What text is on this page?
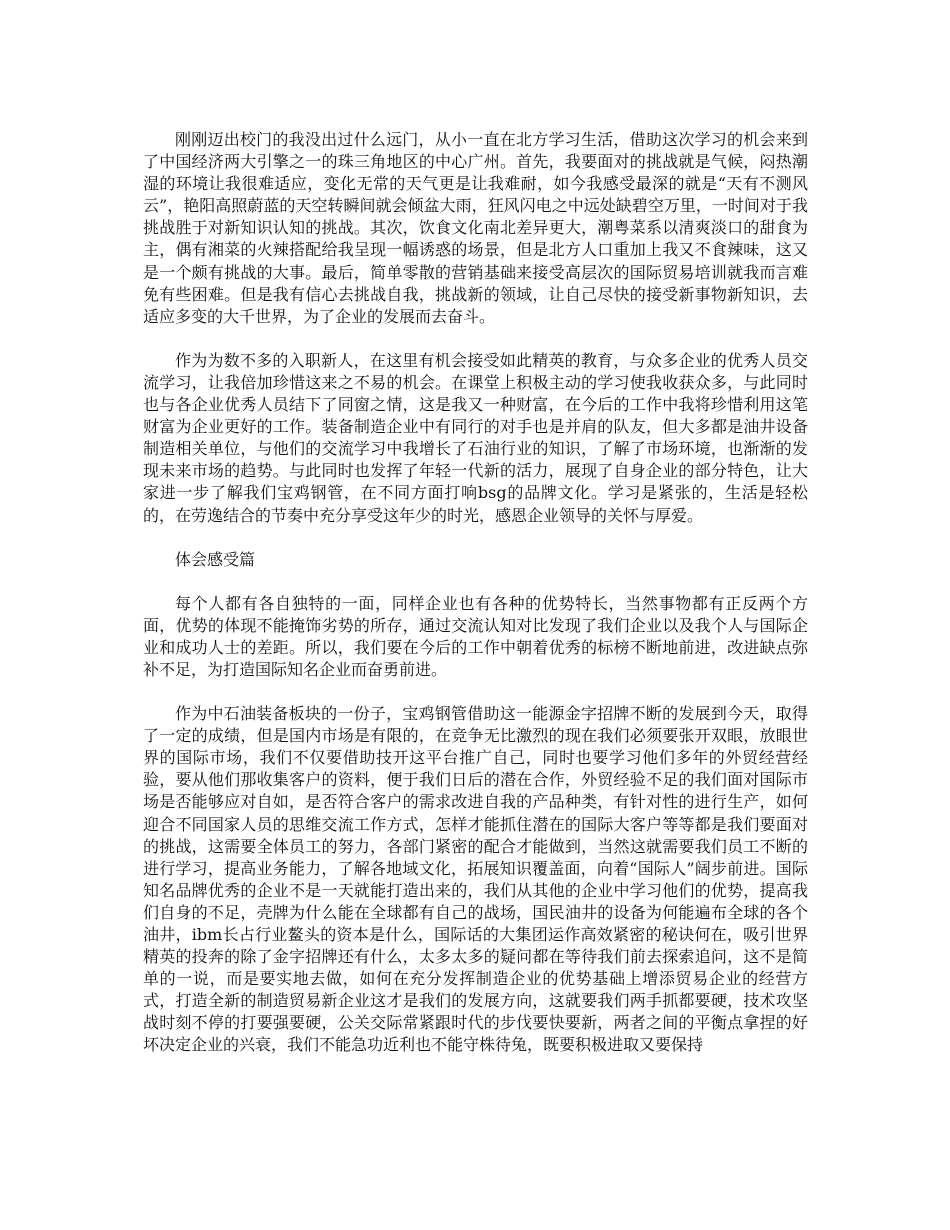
刚刚迈出校门的我没出过什么远门，从小一直在北方学习生活，借助这次学习的机会来到了中国经济两大引擎之一的珠三角地区的中心广州。首先，我要面对的挑战就是气候，闷热潮湿的环境让我很难适应，变化无常的天气更是让我难耐，如今我感受最深的就是“天有不测风云”，艳阳高照蔚蓝的天空转瞬间就会倾盆大雨，狂风闪电之中远处缺碧空万里，一时间对于我挑战胜于对新知识认知的挑战。其次，饮食文化南北差异更大，潮粤菜系以清爽淡口的甜食为主，偶有湘菜的火辣搭配给我呈现一幅诱惑的场景，但是北方人口重加上我又不食辣味，这又是一个颇有挑战的大事。最后，简单零散的营销基础来接受高层次的国际贸易培训就我而言难免有些困难。但是我有信心去挑战自我，挑战新的领域，让自己尽快的接受新事物新知识，去适应多变的大千世界，为了企业的发展而去奋斗。

作为为数不多的入职新人，在这里有机会接受如此精英的教育，与众多企业的优秀人员交流学习，让我倍加珍惜这来之不易的机会。在课堂上积极主动的学习使我收获众多，与此同时也与各企业优秀人员结下了同窗之情，这是我又一种财富，在今后的工作中我将珍惜利用这笔财富为企业更好的工作。装备制造企业中有同行的对手也是并肩的队友，但大多都是油井设备制造相关单位，与他们的交流学习中我增长了石油行业的知识，了解了市场环境，也渐渐的发现未来市场的趋势。与此同时也发挥了年轻一代新的活力，展现了自身企业的部分特色，让大家进一步了解我们宝鸡钢管，在不同方面打响bsg的品牌文化。学习是紧张的，生活是轻松的，在劳逸结合的节奏中充分享受这年少的时光，感恩企业领导的关怀与厚爱。

体会感受篇

每个人都有各自独特的一面，同样企业也有各种的优势特长，当然事物都有正反两个方面，优势的体现不能掩饰劣势的所存，通过交流认知对比发现了我们企业以及我个人与国际企业和成功人士的差距。所以，我们要在今后的工作中朝着优秀的标榜不断地前进，改进缺点弥补不足，为打造国际知名企业而奋勇前进。

作为中石油装备板块的一份子，宝鸡钢管借助这一能源金字招牌不断的发展到今天，取得了一定的成绩，但是国内市场是有限的，在竞争无比激烈的现在我们必须要张开双眼，放眼世界的国际市场，我们不仅要借助技开这平台推广自己，同时也要学习他们多年的外贸经营经验，要从他们那收集客户的资料，便于我们日后的潜在合作，外贸经验不足的我们面对国际市场是否能够应对自如，是否符合客户的需求改进自我的产品种类，有针对性的进行生产，如何迎合不同国家人员的思维交流工作方式，怎样才能抓住潜在的国际大客户等等都是我们要面对的挑战，这需要全体员工的努力，各部门紧密的配合才能做到，当然这就需要我们员工不断的进行学习，提高业务能力，了解各地域文化，拓展知识覆盖面，向着“国际人”阔步前进。国际知名品牌优秀的企业不是一天就能打造出来的，我们从其他的企业中学习他们的优势，提高我们自身的不足，壳牌为什么能在全球都有自己的战场，国民油井的设备为何能遍布全球的各个油井，ibm长占行业鳌头的资本是什么，国际话的大集团运作高效紧密的秘诀何在，吸引世界精英的投奔的除了金字招牌还有什么，太多太多的疑问都在等待我们前去探索追问，这不是简单的一说，而是要实地去做，如何在充分发挥制造企业的优势基础上增添贸易企业的经营方式，打造全新的制造贸易新企业这才是我们的发展方向，这就要我们两手抓都要硬，技术攻坚战时刻不停的打要强要硬，公关交际常紧跟时代的步伐要快要新，两者之间的平衡点拿捏的好坏决定企业的兴衰，我们不能急功近利也不能守株待兔，既要积极进取又要保持
